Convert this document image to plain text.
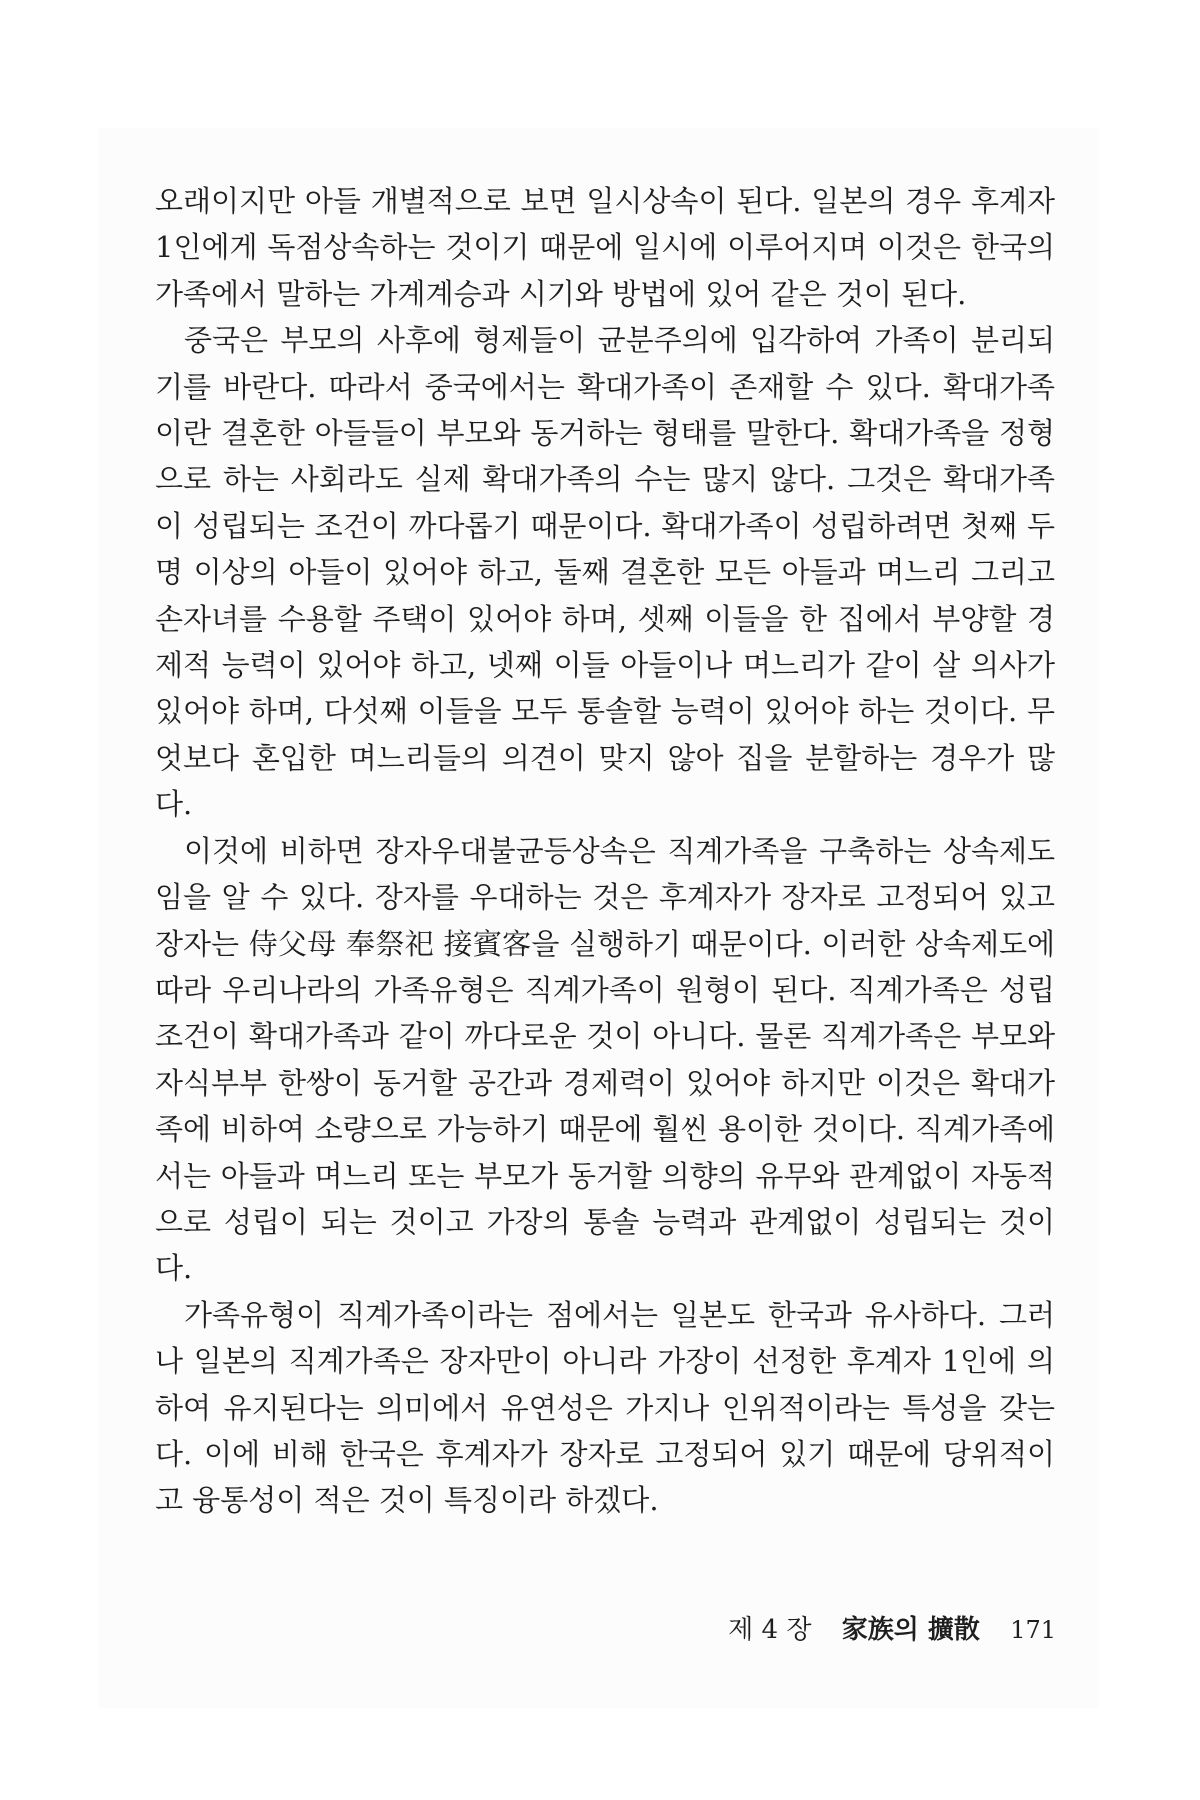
오래이지만 아들 개별적으로 보면 일시상속이 된다. 일본의 경우 후계자 1인에게 독점상속하는 것이기 때문에 일시에 이루어지며 이것은 한국의 가족에서 말하는 가계계승과 시기와 방법에 있어 같은 것이 된다.

중국은 부모의 사후에 형제들이 균분주의에 입각하여 가족이 분리되기를 바란다. 따라서 중국에서는 확대가족이 존재할 수 있다. 확대가족이란 결혼한 아들들이 부모와 동거하는 형태를 말한다. 확대가족을 정형으로 하는 사회라도 실제 확대가족의 수는 많지 않다. 그것은 확대가족이 성립되는 조건이 까다롭기 때문이다. 확대가족이 성립하려면 첫째 두 명 이상의 아들이 있어야 하고, 둘째 결혼한 모든 아들과 며느리 그리고 손자녀를 수용할 주택이 있어야 하며, 셋째 이들을 한 집에서 부양할 경제적 능력이 있어야 하고, 넷째 이들 아들이나 며느리가 같이 살 의사가 있어야 하며, 다섯째 이들을 모두 통솔할 능력이 있어야 하는 것이다. 무엇보다 혼입한 며느리들의 의견이 맞지 않아 집을 분할하는 경우가 많다.

이것에 비하면 장자우대불균등상속은 직계가족을 구축하는 상속제도임을 알 수 있다. 장자를 우대하는 것은 후계자가 장자로 고정되어 있고 장자는 侍父母 奉祭祀 接賓客을 실행하기 때문이다. 이러한 상속제도에 따라 우리나라의 가족유형은 직계가족이 원형이 된다. 직계가족은 성립조건이 확대가족과 같이 까다로운 것이 아니다. 물론 직계가족은 부모와 자식부부 한쌍이 동거할 공간과 경제력이 있어야 하지만 이것은 확대가족에 비하여 소량으로 가능하기 때문에 훨씬 용이한 것이다. 직계가족에서는 아들과 며느리 또는 부모가 동거할 의향의 유무와 관계없이 자동적으로 성립이 되는 것이고 가장의 통솔 능력과 관계없이 성립되는 것이다.

가족유형이 직계가족이라는 점에서는 일본도 한국과 유사하다. 그러나 일본의 직계가족은 장자만이 아니라 가장이 선정한 후계자 1인에 의하여 유지된다는 의미에서 유연성은 가지나 인위적이라는 특성을 갖는다. 이에 비해 한국은 후계자가 장자로 고정되어 있기 때문에 당위적이고 융통성이 적은 것이 특징이라 하겠다.

제 4 장 家族의 擴散 171
